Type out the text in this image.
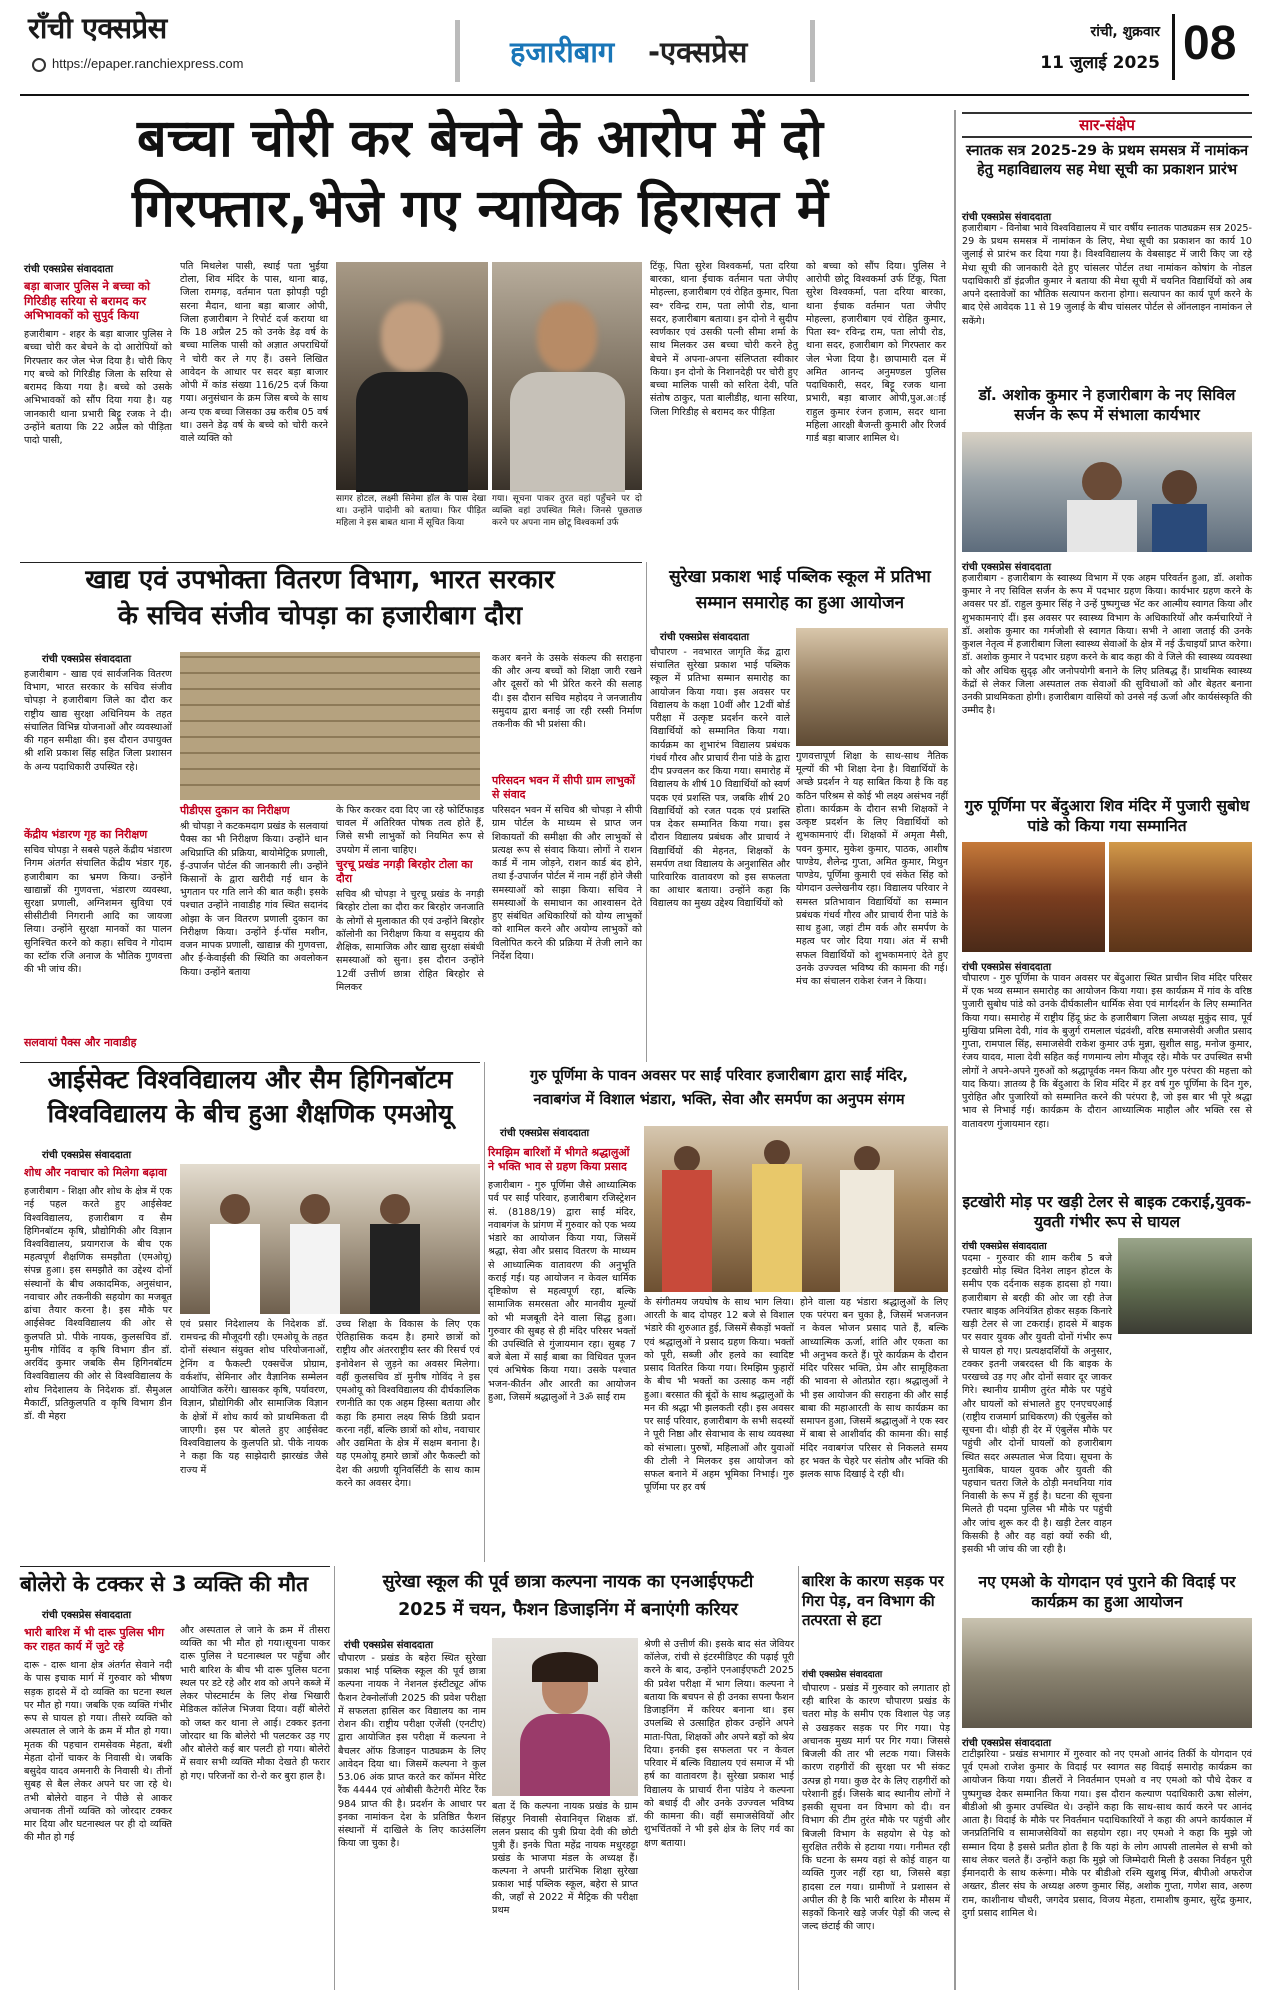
राँची एक्सप्रेस
https://epaper.ranchiexpress.com	हजारीबाग -एक्सप्रेस
रांची, शुक्रवार
11 जुलाई 2025 08
बच्चा चोरी कर बेचने के आरोप में दो
गिरफ्तार,भेजे गए न्यायिक हिरासत में
रांची एक्सप्रेस संवाददाता
बड़ा बाजार पुलिस ने बच्चा को गिरिडीह सरिया से बरामद कर अभिभावकों को सुपुर्द किया
हजारीबाग - शहर के बड़ा बाजार पुलिस ने बच्चा चोरी कर बेचने के दो आरोपियों को गिरफ्तार कर जेल भेज दिया है। चोरी किए गए बच्चे को गिरिडीह जिला के सरिया से बरामद किया गया है। बच्चे को उसके अभिभावकों को सौंप दिया गया है। यह जानकारी थाना प्रभारी बिट्टू रजक ने दी। उन्होंने बताया कि 22 अप्रैल को पीड़िता पादो पासी,
पति मिथलेश पासी, स्थाई पता भुईया टोला, शिव मंदिर के पास, थाना बाढ़, जिला रामगढ़, वर्तमान पता झोपड़ी पट्टी सरना मैदान, थाना बड़ा बाजार ओपी, जिला हजारीबाग ने रिपोर्ट दर्ज कराया था कि 18 अप्रैल 25 को उनके डेढ़ वर्ष के बच्चा मालिक पासी को अज्ञात अपराधियों ने चोरी कर ले गए हैं। उसने लिखित आवेदन के आधार पर सदर बड़ा बाजार ओपी में कांड संख्या 116/25 दर्ज किया गया। अनुसंधान के क्रम जिस बच्चे के साथ अन्य एक बच्चा जिसका उम्र करीब 05 वर्ष था। उसने डेढ़ वर्ष के बच्चे को चोरी करने वाले व्यक्ति को
सागर होटल, लक्ष्मी सिनेमा हॉल के पास देखा था। उन्होंने पादोनी को बताया। फिर पीड़ित महिला ने इस बाबत थाना में सूचित किया
गया। सूचना पाकर तुरत वहां पहुँचने पर दो व्यक्ति वहां उपस्थित मिले। जिनसे पूछताछ करने पर अपना नाम छोटू विश्वकर्मा उर्फ
टिंकू, पिता सुरेश विश्वकर्मा, पता दरिया बारका, थाना ईचाक वर्तमान पता जेपीए मोहल्ला, हजारीबाग एवं रोहित कुमार, पिता स्व॰ रविन्द्र राम, पता लोपी रोड, थाना सदर, हजारीबाग बताया। इन दोनो ने सुदीप स्वर्णकार एवं उसकी पत्नी सीमा शर्मा के साथ मिलकर उस बच्चा चोरी करने हेतु बेचने में अपना-अपना संलिप्तता स्वीकार किया। इन दोनो के निशानदेही पर चोरी हुए बच्चा मालिक पासी को सरिता देवी, पति संतोष ठाकुर, पता बालीडीह, थाना सरिया, जिला गिरिडीह से बरामद कर पीड़िता
को बच्चा को सौंप दिया। पुलिस ने आरोपी छोटू विश्वकर्मा उर्फ टिंकू, पिता सुरेश विश्वकर्मा, पता दरिया बारका, थाना ईचाक वर्तमान पता जेपीए मोहल्ला, हजारीबाग एवं रोहित कुमार, पिता स्व॰ रविन्द्र राम, पता लोपी रोड, थाना सदर, हजारीबाग को गिरफ्तार कर जेल भेजा दिया है। छापामारी दल में अमित आनन्द अनुमण्डल पुलिस पदाधिकारी, सदर, बिट्टू रजक थाना प्रभारी, बड़ा बाजार ओपी,पुअ.अाई राहुल कुमार रंजन हजाम, सदर थाना महिला आरक्षी बैजन्ती कुमारी और रिजर्व गार्ड बड़ा बाजार शामिल थे।
सार-संक्षेप
स्नातक सत्र 2025-29 के प्रथम समसत्र में नामांकन हेतु महाविद्यालय सह मेधा सूची का प्रकाशन प्रारंभ
रांची एक्सप्रेस संवाददाता
हजारीबाग - विनोबा भावे विश्वविद्यालय में चार वर्षीय स्नातक पाठ्यक्रम सत्र 2025-29 के प्रथम समसत्र में नामांकन के लिए, मेधा सूची का प्रकाशन का कार्य 10 जुलाई से प्रारंभ कर दिया गया है। विश्वविद्यालय के वेबसाइट में जारी किए जा रहे मेधा सूची की जानकारी देते हुए चांसलर पोर्टल तथा नामांकन कोषांग के नोडल पदाधिकारी डॉ इंद्रजीत कुमार ने बताया की मेधा सूची में चयनित विद्यार्थियों को अब अपने दस्तावेजों का भौतिक सत्यापन कराना होगा। सत्यापन का कार्य पूर्ण करने के बाद ऐसे आवेदक 11 से 19 जुलाई के बीच चांसलर पोर्टल से ऑनलाइन नामांकन ले सकेंगे।
डॉ. अशोक कुमार ने हजारीबाग के नए सिविल सर्जन के रूप में संभाला कार्यभार
रांची एक्सप्रेस संवाददाता
हजारीबाग - हजारीबाग के स्वास्थ्य विभाग में एक अहम परिवर्तन हुआ, डॉ. अशोक कुमार ने नए सिविल सर्जन के रूप में पदभार ग्रहण किया। कार्यभार ग्रहण करने के अवसर पर डॉ. राहुल कुमार सिंह ने उन्हें पुष्पगुच्छ भेंट कर आत्मीय स्वागत किया और शुभकामनाएं दीं। इस अवसर पर स्वास्थ्य विभाग के अधिकारियों और कर्मचारियों ने डॉ. अशोक कुमार का गर्मजोशी से स्वागत किया। सभी ने आशा जताई की उनके कुशल नेतृत्व में हजारीबाग जिला स्वास्थ्य सेवाओं के क्षेत्र में नई ऊँचाइयाँ प्राप्त करेगा। डॉ. अशोक कुमार ने पदभार ग्रहण करने के बाद कहा की वे जिले की स्वास्थ्य व्यवस्था को और अधिक सुदृढ़ और जनोपयोगी बनाने के लिए प्रतिबद्ध हैं। प्राथमिक स्वास्थ्य केंद्रों से लेकर जिला अस्पताल तक सेवाओं की सुविधाओं को और बेहतर बनाना उनकी प्राथमिकता होगी। हजारीबाग वासियों को उनसे नई ऊर्जा और कार्यसंस्कृति की उम्मीद है।
गुरु पूर्णिमा पर बेंदुआरा शिव मंदिर में पुजारी सुबोध पांडे को किया गया सम्मानित
रांची एक्सप्रेस संवाददाता
चौपारण - गुरु पूर्णिमा के पावन अवसर पर बेंदुआरा स्थित प्राचीन शिव मंदिर परिसर में एक भव्य सम्मान समारोह का आयोजन किया गया। इस कार्यक्रम में गांव के वरिष्ठ पुजारी सुबोध पांडे को उनके दीर्घकालीन धार्मिक सेवा एवं मार्गदर्शन के लिए सम्मानित किया गया। समारोह में राष्ट्रीय हिंदू फ्रंट के हजारीबाग जिला अध्यक्ष मुकुंद साव, पूर्व मुखिया प्रमिला देवी, गांव के बुजुर्ग रामलाल चंद्रवंशी, वरिष्ठ समाजसेवी अजीत प्रसाद गुप्ता, रामपाल सिंह, समाजसेवी राकेश कुमार उर्फ मुन्ना, सुशील साहु, मनोज कुमार, रंजय यादव, माला देवी सहित कई गणमान्य लोग मौजूद रहे। मौके पर उपस्थित सभी लोगों ने अपने-अपने गुरुओं को श्रद्धापूर्वक नमन किया और गुरु परंपरा की महत्ता को याद किया। ज्ञातव्य है कि बेंदुआरा के शिव मंदिर में हर वर्ष गुरु पूर्णिमा के दिन गुरु, पुरोहित और पुजारियों को सम्मानित करने की परंपरा है, जो इस बार भी पूरे श्रद्धा भाव से निभाई गई। कार्यक्रम के दौरान आध्यात्मिक माहौल और भक्ति रस से वातावरण गुंजायमान रहा।
इटखोरी मोड़ पर खड़ी टेलर से बाइक टकराई,युवक-युवती गंभीर रूप से घायल
रांची एक्सप्रेस संवाददाता
पदमा - गुरुवार की शाम करीब 5 बजे इटखोरी मोड़ स्थित दिनेश लाइन होटल के समीप एक दर्दनाक सड़क हादसा हो गया। हजारीबाग से बरही की ओर जा रही तेज रफ्तार बाइक अनियंत्रित होकर सड़क किनारे खड़ी टेलर से जा टकराई। हादसे में बाइक पर सवार युवक और युवती दोनों गंभीर रूप से घायल हो गए। प्रत्यक्षदर्शियों के अनुसार, टक्कर इतनी जबरदस्त थी कि बाइक के परखच्चे उड़ गए और दोनों सवार दूर जाकर गिरे। स्थानीय ग्रामीण तुरंत मौके पर पहुंचे और घायलों को संभालते हुए एनएचएआई (राष्ट्रीय राजमार्ग प्राधिकरण) की एंबुलेंस को सूचना दी। थोड़ी ही देर में एंबुलेंस मौके पर पहुंची और दोनों घायलों को हजारीबाग स्थित सदर अस्पताल भेज दिया। सूचना के मुताबिक, घायल युवक और युवती की पहचान चतरा जिले के ठोड़ी मनधनिया गांव निवासी के रूप में हुई है। घटना की सूचना मिलते ही पदमा पुलिस भी मौके पर पहुंची और जांच शुरू कर दी है। खड़ी टेलर वाहन किसकी है और वह वहां क्यों रुकी थी, इसकी भी जांच की जा रही है।
नए एमओ के योगदान एवं पुराने की विदाई पर कार्यक्रम का हुआ आयोजन
रांची एक्सप्रेस संवाददाता
टाटीझरिया - प्रखंड सभागार में गुरुवार को नए एमओ आनंद तिर्की के योगदान एवं पूर्व एमओ राजेश कुमार के विदाई पर स्वागत सह विदाई समारोह कार्यक्रम का आयोजन किया गया। डीलरों ने निवर्तमान एमओ व नए एमओ को पौधे देकर व पुष्पगुच्छ देकर सम्मानित किया गया। इस दौरान कल्याण पदाधिकारी ऊषा सोलंग, बीडीओ श्री कुमार उपस्थित थे। उन्होंने कहा कि साथ-साथ कार्य करने पर आनंद आता है। विदाई के मौके पर निवर्तमान पदाधिकारियों ने कहा की अपने कार्यकाल में जनप्रतिनिधि व सामाजसेवियों का सहयोग रहा। नए एमओ ने कहा कि मुझे जो सम्मान दिया है इससे प्रतीत होता है कि यहां के लोग आपसी तालमेल से सभी को साथ लेकर चलते हैं। उन्होंने कहा कि मुझे जो जिम्मेदारी मिली है उसका निर्वहन पूरी ईमानदारी के साथ करूंगा। मौके पर बीडीओ रश्मि खुशबु मिंज, बीपीओ अफरोज अख्तर, डीलर संघ के अध्यक्ष अरुण कुमार सिंह, अशोक गुप्ता, गणेश साव, अरुण राम, काशीनाथ चौधरी, जगदेव प्रसाद, विजय मेहता, रामाशीष कुमार, सुरेंद्र कुमार, दुर्गा प्रसाद शामिल थे।
खाद्य एवं उपभोक्ता वितरण विभाग, भारत सरकार
के सचिव संजीव चोपड़ा का हजारीबाग दौरा
रांची एक्सप्रेस संवाददाता
हजारीबाग - खाद्य एवं सार्वजनिक वितरण विभाग, भारत सरकार के सचिव संजीव चोपड़ा ने हजारीबाग जिले का दौरा कर राष्ट्रीय खाद्य सुरक्षा अधिनियम के तहत संचालित विभिन्न योजनाओं और व्यवस्थाओं की गहन समीक्षा की। इस दौरान उपायुक्त श्री शशि प्रकाश सिंह सहित जिला प्रशासन के अन्य पदाधिकारी उपस्थित रहे।
केंद्रीय भंडारण गृह का निरीक्षण
सचिव चोपड़ा ने सबसे पहले केंद्रीय भंडारण निगम अंतर्गत संचालित केंद्रीय भंडार गृह, हजारीबाग का भ्रमण किया। उन्होंने खाद्यान्नों की गुणवत्ता, भंडारण व्यवस्था, सुरक्षा प्रणाली, अग्निशमन सुविधा एवं सीसीटीवी निगरानी आदि का जायजा लिया। उन्होंने सुरक्षा मानकों का पालन सुनिश्चित करने को कहा। सचिव ने गोदाम का स्टॉक रजि अनाज के भौतिक गुणवत्ता की भी जांच की।
सलवायां पैक्स और नावाडीह
पीडीएस दुकान का निरीक्षण
श्री चोपड़ा ने कटकमदाग प्रखंड के सलवायां पैक्स का भी निरीक्षण किया। उन्होंने धान अधिप्राप्ति की प्रक्रिया, बायोमेट्रिक प्रणाली, ई-उपार्जन पोर्टल की जानकारी ली। उन्होंने किसानों के द्वारा खरीदी गई धान के भुगतान पर गति लाने की बात कही। इसके पश्चात उन्होंने नावाडीह गांव स्थित सदानंद ओझा के जन वितरण प्रणाली दुकान का निरीक्षण किया। उन्होंने ई-पॉस मशीन, वजन मापक प्रणाली, खाद्यान्न की गुणवत्ता, और ई-केवाईसी की स्थिति का अवलोकन किया। उन्होंने बताया
के फिर करकर दवा दिए जा रहे फोर्टिफाइड चावल में अतिरिक्त पोषक तत्व होते हैं, जिसे सभी लाभुकों को नियमित रूप से उपयोग में लाना चाहिए।
चुरचू प्रखंड नगड़ी बिरहोर टोला का दौरा
सचिव श्री चोपड़ा ने चुरचू प्रखंड के नगड़ी बिरहोर टोला का दौरा कर बिरहोर जनजाति के लोगों से मुलाकात की एवं उन्होंने बिरहोर कॉलोनी का निरीक्षण किया व समुदाय की शैक्षिक, सामाजिक और खाद्य सुरक्षा संबंधी समस्याओं को सुना। इस दौरान उन्होंने 12वीं उत्तीर्ण छात्रा रोहित बिरहोर से मिलकर
कअर बनने के उसके संकल्प की सराहना की और अन्य बच्चों को शिक्षा जारी रखने और दूसरों को भी प्रेरित करने की सलाह दी। इस दौरान सचिव महोदय ने जनजातीय समुदाय द्वारा बनाई जा रही रस्सी निर्माण तकनीक की भी प्रशंसा की।
परिसदन भवन में सीपी ग्राम लाभुकों से संवाद
परिसदन भवन में सचिव श्री चोपड़ा ने सीपी ग्राम पोर्टल के माध्यम से प्राप्त जन शिकायतों की समीक्षा की और लाभुकों से प्रत्यक्ष रूप से संवाद किया। लोगों ने राशन कार्ड में नाम जोड़ने, राशन कार्ड बंद होने, तथा ई-उपार्जन पोर्टल में नाम नहीं होने जैसी समस्याओं को साझा किया। सचिव ने समस्याओं के समाधान का आश्वासन देते हुए संबंधित अधिकारियों को योग्य लाभुकों को शामिल करने और अयोग्य लाभुकों को विलोपित करने की प्रक्रिया में तेजी लाने का निर्देश दिया।
सुरेखा प्रकाश भाई पब्लिक स्कूल में प्रतिभा
सम्मान समारोह का हुआ आयोजन
रांची एक्सप्रेस संवाददाता
चौपारण - नवभारत जागृति केंद्र द्वारा संचालित सुरेखा प्रकाश भाई पब्लिक स्कूल में प्रतिभा सम्मान समारोह का आयोजन किया गया। इस अवसर पर विद्यालय के कक्षा 10वीं और 12वीं बोर्ड परीक्षा में उत्कृष्ट प्रदर्शन करने वाले विद्यार्थियों को सम्मानित किया गया। कार्यक्रम का शुभारंभ विद्यालय प्रबंधक गंधर्व गौरव और प्राचार्य रीना पांडे के द्वारा दीप प्रज्वलन कर किया गया। समारोह में विद्यालय के शीर्ष 10 विद्यार्थियों को स्वर्ण पदक एवं प्रशस्ति पत्र, जबकि शीर्ष 20 विद्यार्थियों को रजत पदक एवं प्रशस्ति पत्र देकर सम्मानित किया गया। इस दौरान विद्यालय प्रबंधक और प्राचार्य ने विद्यार्थियों की मेहनत, शिक्षकों के समर्पण तथा विद्यालय के अनुशासित और पारिवारिक वातावरण को इस सफलता का आधार बताया। उन्होंने कहा कि विद्यालय का मुख्य उद्देश्य विद्यार्थियों को
गुणवत्तापूर्ण शिक्षा के साथ-साथ नैतिक मूल्यों की भी शिक्षा देना है। विद्यार्थियों के अच्छे प्रदर्शन ने यह साबित किया है कि वह कठिन परिश्रम से कोई भी लक्ष्य असंभव नहीं होता। कार्यक्रम के दौरान सभी शिक्षकों ने उत्कृष्ट प्रदर्शन के लिए विद्यार्थियों को शुभकामनाएं दीं। शिक्षकों में अमृता मैसी, पवन कुमार, मुकेश कुमार, पाठक, आशीष पाण्डेय, शैलेन्द्र गुप्ता, अमित कुमार, मिथुन पाण्डेय, पूर्णिमा कुमारी एवं संकेत सिंह को योगदान उल्लेखनीय रहा। विद्यालय परिवार ने समस्त प्रतिभावान विद्यार्थियों का सम्मान प्रबंधक गंधर्व गौरव और प्राचार्य रीना पांडे के साथ हुआ, जहां टीम वर्क और समर्पण के महत्व पर जोर दिया गया। अंत में सभी सफल विद्यार्थियों को शुभकामनाएं देते हुए उनके उज्ज्वल भविष्य की कामना की गई। मंच का संचालन राकेश रंजन ने किया।
आईसेक्ट विश्वविद्यालय और सैम हिगिनबॉटम
विश्वविद्यालय के बीच हुआ शैक्षणिक एमओयू
रांची एक्सप्रेस संवाददाता
शोध और नवाचार को मिलेगा बढ़ावा
हजारीबाग - शिक्षा और शोध के क्षेत्र में एक नई पहल करते हुए आईसेक्ट विश्वविद्यालय, हजारीबाग व सैम हिगिनबॉटम कृषि, प्रौद्योगिकी और विज्ञान विश्वविद्यालय, प्रयागराज के बीच एक महत्वपूर्ण शैक्षणिक समझौता (एमओयू) संपन्न हुआ। इस समझौते का उद्देश्य दोनों संस्थानों के बीच अकादमिक, अनुसंधान, नवाचार और तकनीकी सहयोग का मजबूत ढांचा तैयार करना है। इस मौके पर आईसेक्ट विश्वविद्यालय की ओर से कुलपति प्रो. पीके नायक, कुलसचिव डॉ. मुनीष गोविंद व कृषि विभाग डीन डॉ. अरविंद कुमार जबकि सैम हिगिनबॉटम विश्वविद्यालय की ओर से विश्वविद्यालय के शोध निदेशालय के निदेशक डॉ. सैमुअल मैकार्टी, प्रतिकुलपति व कृषि विभाग डीन डॉ. वी मेहरा
एवं प्रसार निदेशालय के निदेशक डॉ. रामचन्द्र की मौजूदगी रही। एमओयू के तहत दोनों संस्थान संयुक्त शोध परियोजनाओं, ट्रेनिंग व फैकल्टी एक्सचेंज प्रोग्राम, वर्कशॉप, सेमिनार और वैज्ञानिक सम्मेलन आयोजित करेंगे। खासकर कृषि, पर्यावरण, विज्ञान, प्रौद्योगिकी और सामाजिक विज्ञान के क्षेत्रों में शोध कार्य को प्राथमिकता दी जाएगी। इस पर बोलते हुए आईसेक्ट विश्वविद्यालय के कुलपति प्रो. पीके नायक ने कहा कि यह साझेदारी झारखंड जैसे राज्य में
उच्च शिक्षा के विकास के लिए एक ऐतिहासिक कदम है। हमारे छात्रों को राष्ट्रीय और अंतरराष्ट्रीय स्तर की रिसर्च एवं इनोवेशन से जुड़ने का अवसर मिलेगा। वहीं कुलसचिव डॉ मुनीष गोविंद ने इस एमओयू को विश्वविद्यालय की दीर्घकालिक रणनीति का एक अहम हिस्सा बताया और कहा कि हमारा लक्ष्य सिर्फ डिग्री प्रदान करना नहीं, बल्कि छात्रों को शोध, नवाचार और उद्यमिता के क्षेत्र में सक्षम बनाना है। यह एमओयू हमारे छात्रों और फैकल्टी को देश की अग्रणी यूनिवर्सिटी के साथ काम करने का अवसर देगा।
गुरु पूर्णिमा के पावन अवसर पर साईं परिवार हजारीबाग द्वारा साईं मंदिर,
नवाबगंज में विशाल भंडारा, भक्ति, सेवा और समर्पण का अनुपम संगम
रांची एक्सप्रेस संवाददाता
रिमझिम बारिशों में भीगते श्रद्धालुओं ने भक्ति भाव से ग्रहण किया प्रसाद
हजारीबाग - गुरु पूर्णिमा जैसे आध्यात्मिक पर्व पर साईं परिवार, हजारीबाग रजिस्ट्रेशन सं. (8188/19) द्वारा साईं मंदिर, नवाबगंज के प्रांगण में गुरुवार को एक भव्य भंडारे का आयोजन किया गया, जिसमें श्रद्धा, सेवा और प्रसाद वितरण के माध्यम से आध्यात्मिक वातावरण की अनुभूति कराई गई। यह आयोजन न केवल धार्मिक दृष्टिकोण से महत्वपूर्ण रहा, बल्कि सामाजिक समरसता और मानवीय मूल्यों को भी मजबूती देने वाला सिद्ध हुआ। गुरुवार की सुबह से ही मंदिर परिसर भक्तों की उपस्थिति से गुंजायमान रहा। सुबह 7 बजे बेला में साईं बाबा का विधिवत पूजन एवं अभिषेक किया गया। उसके पश्चात भजन-कीर्तन और आरती का आयोजन हुआ, जिसमें श्रद्धालुओं ने 3ॐ साईं राम
के संगीतमय जयघोष के साथ भाग लिया। आरती के बाद दोपहर 12 बजे से विशाल भंडारे की शुरुआत हुई, जिसमें सैकड़ों भक्तों एवं श्रद्धालुओं ने प्रसाद ग्रहण किया। भक्तों को पूरी, सब्जी और हलवे का स्वादिष्ट प्रसाद वितरित किया गया। रिमझिम फुहारों के बीच भी भक्तों का उत्साह कम नहीं हुआ। बरसात की बूंदों के साथ श्रद्धालुओं के मन की श्रद्धा भी झलकती रही। इस अवसर पर साईं परिवार, हजारीबाग के सभी सदस्यों ने पूरी निष्ठा और सेवाभाव के साथ व्यवस्था को संभाला। पुरुषों, महिलाओं और युवाओं की टोली ने मिलकर इस आयोजन को सफल बनाने में अहम भूमिका निभाई। गुरु पूर्णिमा पर हर वर्ष
होने वाला यह भंडारा श्रद्धालुओं के लिए एक परंपरा बन चुका है, जिसमें भजनजन न केवल भोजन प्रसाद पाते हैं, बल्कि आध्यात्मिक ऊर्जा, शांति और एकता का भी अनुभव करते हैं। पूरे कार्यक्रम के दौरान मंदिर परिसर भक्ति, प्रेम और सामूहिकता की भावना से ओतप्रोत रहा। श्रद्धालुओं ने भी इस आयोजन की सराहना की और साईं बाबा की महाआरती के साथ कार्यक्रम का समापन हुआ, जिसमें श्रद्धालुओं ने एक स्वर में बाबा से आशीर्वाद की कामना की। साईं मंदिर नवाबगंज परिसर से निकलते समय हर भक्त के चेहरे पर संतोष और भक्ति की झलक साफ दिखाई दे रही थी।
बोलेरो के टक्कर से 3 व्यक्ति की मौत
रांची एक्सप्रेस संवाददाता
भारी बारिश में भी दारू पुलिस भीग कर राहत कार्य में जुटे रहे
दारू - दारू थाना क्षेत्र अंतर्गत सेवाने नदी के पास इचाक मार्ग में गुरुवार को भीषण सड़क हादसे में दो व्यक्ति का घटना स्थल पर मौत हो गया। जबकि एक व्यक्ति गंभीर रूप से घायल हो गया। तीसरे व्यक्ति को अस्पताल ले जाने के क्रम में मौत हो गया। मृतक की पहचान रामसेवक मेहता, बंशी मेहता दोनों चाकर के निवासी थे। जबकि बसुदेव यादव अमनारी के निवासी थे। तीनों सुबह से बैल लेकर अपने घर जा रहे थे। तभी बोलेरो वाहन ने पीछे से आकर अचानक तीनों व्यक्ति को जोरदार टक्कर मार दिया और घटनास्थल पर ही दो व्यक्ति की मौत हो गई
और अस्पताल ले जाने के क्रम में तीसरा व्यक्ति का भी मौत हो गया।सूचना पाकर दारू पुलिस ने घटनास्थल पर पहुँचा और भारी बारिश के बीच भी दारू पुलिस घटना स्थल पर डटे रहे और शव को अपने कब्जे में लेकर पोस्टमार्टम के लिए शेख भिखारी मेडिकल कॉलेज भिजवा दिया। वहीं बोलेरो को जब्त कर थाना ले आई। टक्कर इतना जोरदार था कि बोलेरो भी पलटकर उड़ गए और बोलेरो कई बार पलटी हो गया। बोलेरो में सवार सभी व्यक्ति मौका देखते ही फरार हो गए। परिजनों का रो-रो कर बुरा हाल है।
सुरेखा स्कूल की पूर्व छात्रा कल्पना नायक का एनआईएफटी
2025 में चयन, फैशन डिजाइनिंग में बनाएंगी करियर
रांची एक्सप्रेस संवाददाता
चौपारण - प्रखंड के बहेरा स्थित सुरेखा प्रकाश भाई पब्लिक स्कूल की पूर्व छात्रा कल्पना नायक ने नेशनल इंस्टीट्यूट ऑफ फैशन टेक्नोलॉजी 2025 की प्रवेश परीक्षा में सफलता हासिल कर विद्यालय का नाम रोशन की। राष्ट्रीय परीक्षा एजेंसी (एनटीए) द्वारा आयोजित इस परीक्षा में कल्पना ने बैचलर ऑफ डिजाइन पाठ्यक्रम के लिए आवेदन दिया था। जिसमें कल्पना ने कुल 53.06 अंक प्राप्त करते कर कॉमन मेरिट रैंक 4444 एवं ओबीसी कैटेगरी मेरिट रैंक 984 प्राप्त की है। प्रदर्शन के आधार पर इनका नामांकन देश के प्रतिष्ठित फैशन संस्थानों में दाखिले के लिए काउंसलिंग किया जा चुका है।
बता दें कि कल्पना नायक प्रखंड के ग्राम सिंहपुर निवासी सेवानिवृत्त शिक्षक डॉ. ललन प्रसाद की पुत्री प्रिया देवी की छोटी पुत्री हैं। इनके पिता महेंद्र नायक मधुरहट्टा प्रखंड के भाजपा मंडल के अध्यक्ष हैं। कल्पना ने अपनी प्रारंभिक शिक्षा सुरेखा प्रकाश भाई पब्लिक स्कूल, बहेरा से प्राप्त की, जहाँ से 2022 में मैट्रिक की परीक्षा प्रथम
श्रेणी से उत्तीर्ण की। इसके बाद संत जेवियर कॉलेज, रांची से इंटरमीडिएट की पढ़ाई पूरी करने के बाद, उन्होंने एनआईएफटी 2025 की प्रवेश परीक्षा में भाग लिया। कल्पना ने बताया कि बचपन से ही उनका सपना फैशन डिजाइनिंग में करियर बनाना था। इस उपलब्धि से उत्साहित होकर उन्होंने अपने माता-पिता, शिक्षकों और अपने बड़ों को श्रेय दिया। इनकी इस सफलता पर न केवल परिवार में बल्कि विद्यालय एवं समाज में भी हर्ष का वातावरण है। सुरेखा प्रकाश भाई विद्यालय के प्राचार्य रीना पांडेय ने कल्पना को बधाई दी और उनके उज्ज्वल भविष्य की कामना की। वहीं समाजसेवियों और शुभचिंतकों ने भी इसे क्षेत्र के लिए गर्व का क्षण बताया।
बारिश के कारण सड़क पर गिरा पेड़, वन विभाग की तत्परता से हटा
रांची एक्सप्रेस संवाददाता
चौपारण - प्रखंड में गुरुवार को लगातार हो रही बारिश के कारण चौपारण प्रखंड के चतरा मोड़ के समीप एक विशाल पेड़ जड़ से उखड़कर सड़क पर गिर गया। पेड़ अचानक मुख्य मार्ग पर गिर गया। जिससे बिजली की तार भी लटक गया। जिसके कारण राहगीरों की सुरक्षा पर भी संकट उत्पन्न हो गया। कुछ देर के लिए राहगीरों को परेशानी हुई। जिसके बाद स्थानीय लोगों ने इसकी सूचना वन विभाग को दी। वन विभाग की टीम तुरंत मौके पर पहुंची और बिजली विभाग के सहयोग से पेड़ को सुरक्षित तरीके से हटाया गया। गनीमत रही कि घटना के समय वहां से कोई वाहन या व्यक्ति गुजर नहीं रहा था, जिससे बड़ा हादसा टल गया। ग्रामीणों ने प्रशासन से अपील की है कि भारी बारिश के मौसम में सड़कों किनारे खड़े जर्जर पेड़ों की जल्द से जल्द छंटाई की जाए।
